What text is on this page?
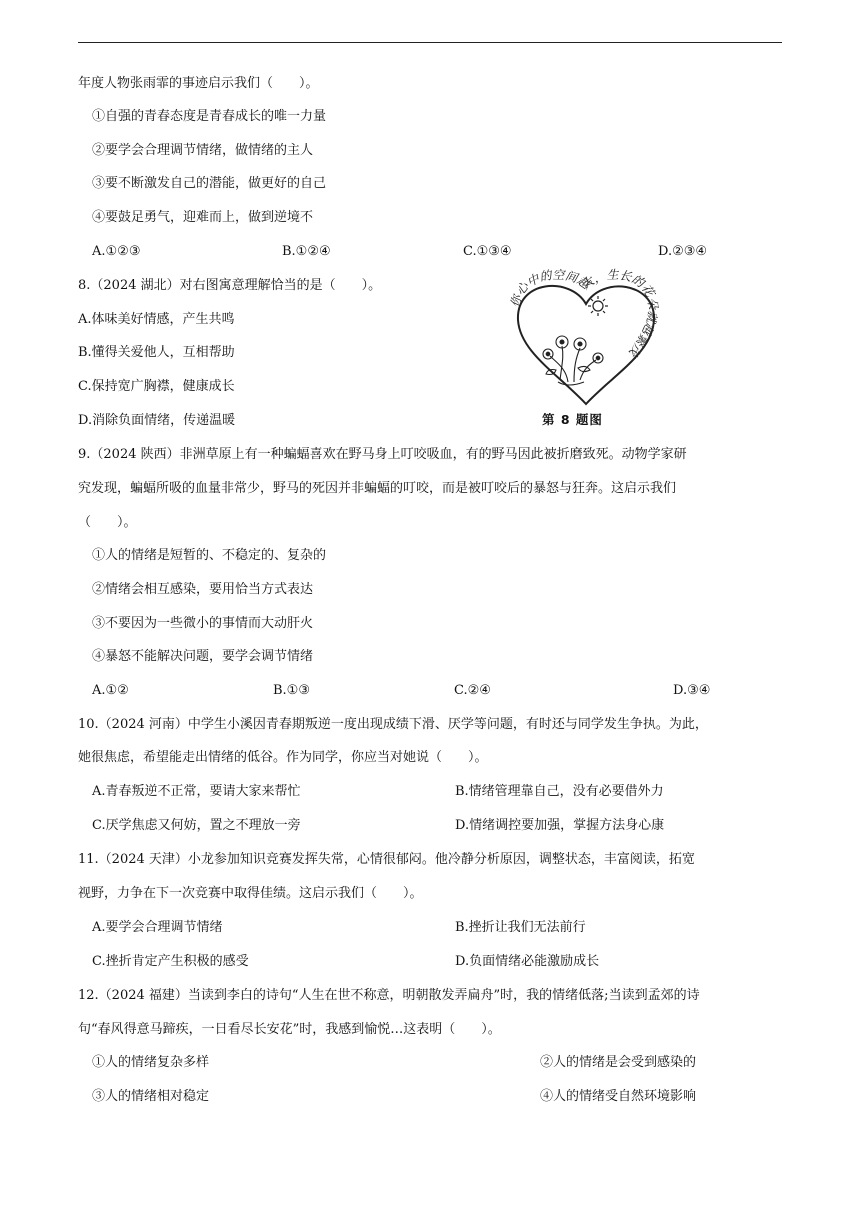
年度人物张雨霏的事迹启示我们（　　）。
①自强的青春态度是青春成长的唯一力量
②要学会合理调节情绪，做情绪的主人
③要不断激发自己的潜能，做更好的自己
④要鼓足勇气，迎难而上，做到逆境不
A.①②③	B.①②④	C.①③④	D.②③④
8.（2024 湖北）对右图寓意理解恰当的是（　　）。
A.体味美好情感，产生共鸣
B.懂得关爱他人，互相帮助
C.保持宽广胸襟，健康成长
D.消除负面情绪，传递温暖
你心中的空间越大，生长的花朵就越繁茂
第 8 题图
9.（2024 陕西）非洲草原上有一种蝙蝠喜欢在野马身上叮咬吸血，有的野马因此被折磨致死。动物学家研
究发现，蝙蝠所吸的血量非常少，野马的死因并非蝙蝠的叮咬，而是被叮咬后的暴怒与狂奔。这启示我们
（　　）。
①人的情绪是短暂的、不稳定的、复杂的
②情绪会相互感染，要用恰当方式表达
③不要因为一些微小的事情而大动肝火
④暴怒不能解决问题，要学会调节情绪
A.①②	B.①③	C.②④	D.③④
10.（2024 河南）中学生小溪因青春期叛逆一度出现成绩下滑、厌学等问题，有时还与同学发生争执。为此，
她很焦虑，希望能走出情绪的低谷。作为同学，你应当对她说（　　）。
A.青春叛逆不正常，要请大家来帮忙	B.情绪管理靠自己，没有必要借外力
C.厌学焦虑又何妨，置之不理放一旁	D.情绪调控要加强，掌握方法身心康
11.（2024 天津）小龙参加知识竞赛发挥失常，心情很郁闷。他冷静分析原因，调整状态，丰富阅读，拓宽
视野，力争在下一次竞赛中取得佳绩。这启示我们（　　）。
A.要学会合理调节情绪	B.挫折让我们无法前行
C.挫折肯定产生积极的感受	D.负面情绪必能激励成长
12.（2024 福建）当读到李白的诗句“人生在世不称意，明朝散发弄扁舟”时，我的情绪低落;当读到孟郊的诗
句“春风得意马蹄疾，一日看尽长安花”时，我感到愉悦…这表明（　　）。
①人的情绪复杂多样	②人的情绪是会受到感染的
③人的情绪相对稳定	④人的情绪受自然环境影响
